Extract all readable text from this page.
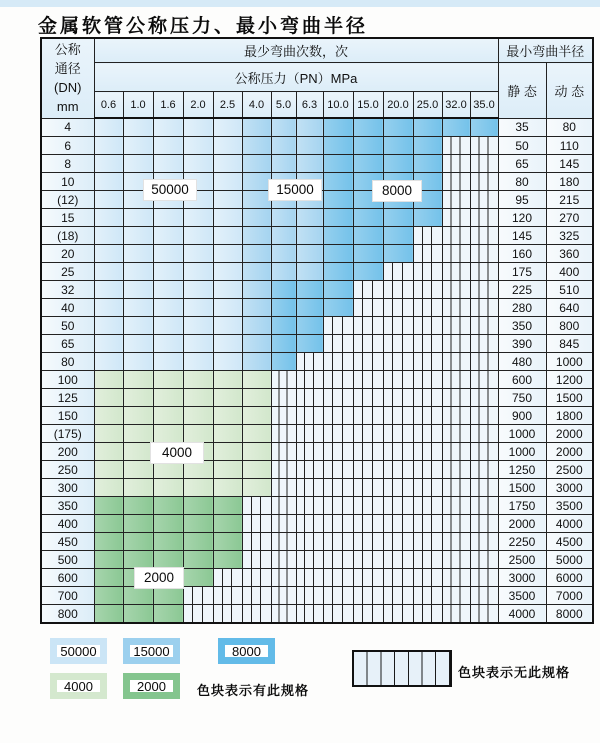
金属软管公称压力、最小弯曲半径
公称
通径
(DN)
mm	最少弯曲次数，次														最小弯曲半径	
	公称压力（PN）MPa														静 态	动 态
	0.6	1.0	1.6	2.0	2.5	4.0	5.0	6.3	10.0	15.0	20.0	25.0	32.0	35.0		
4															35	80
6															50	110
8															65	145
10															80	180
(12)															95	215
15															120	270
(18)															145	325
20															160	360
25															175	400
32															225	510
40															280	640
50															350	800
65															390	845
80															480	1000
100															600	1200
125															750	1500
150															900	1800
(175)															1000	2000
200															1000	2000
250															1250	2500
300															1500	3000
350															1750	3500
400															2000	4000
450															2250	4500
500															2500	5000
600															3000	6000
700															3500	7000
800															4000	8000
50000	15000	8000
4000
2000
50000	15000	8000
4000	2000 色块表示有此规格
色块表示无此规格
